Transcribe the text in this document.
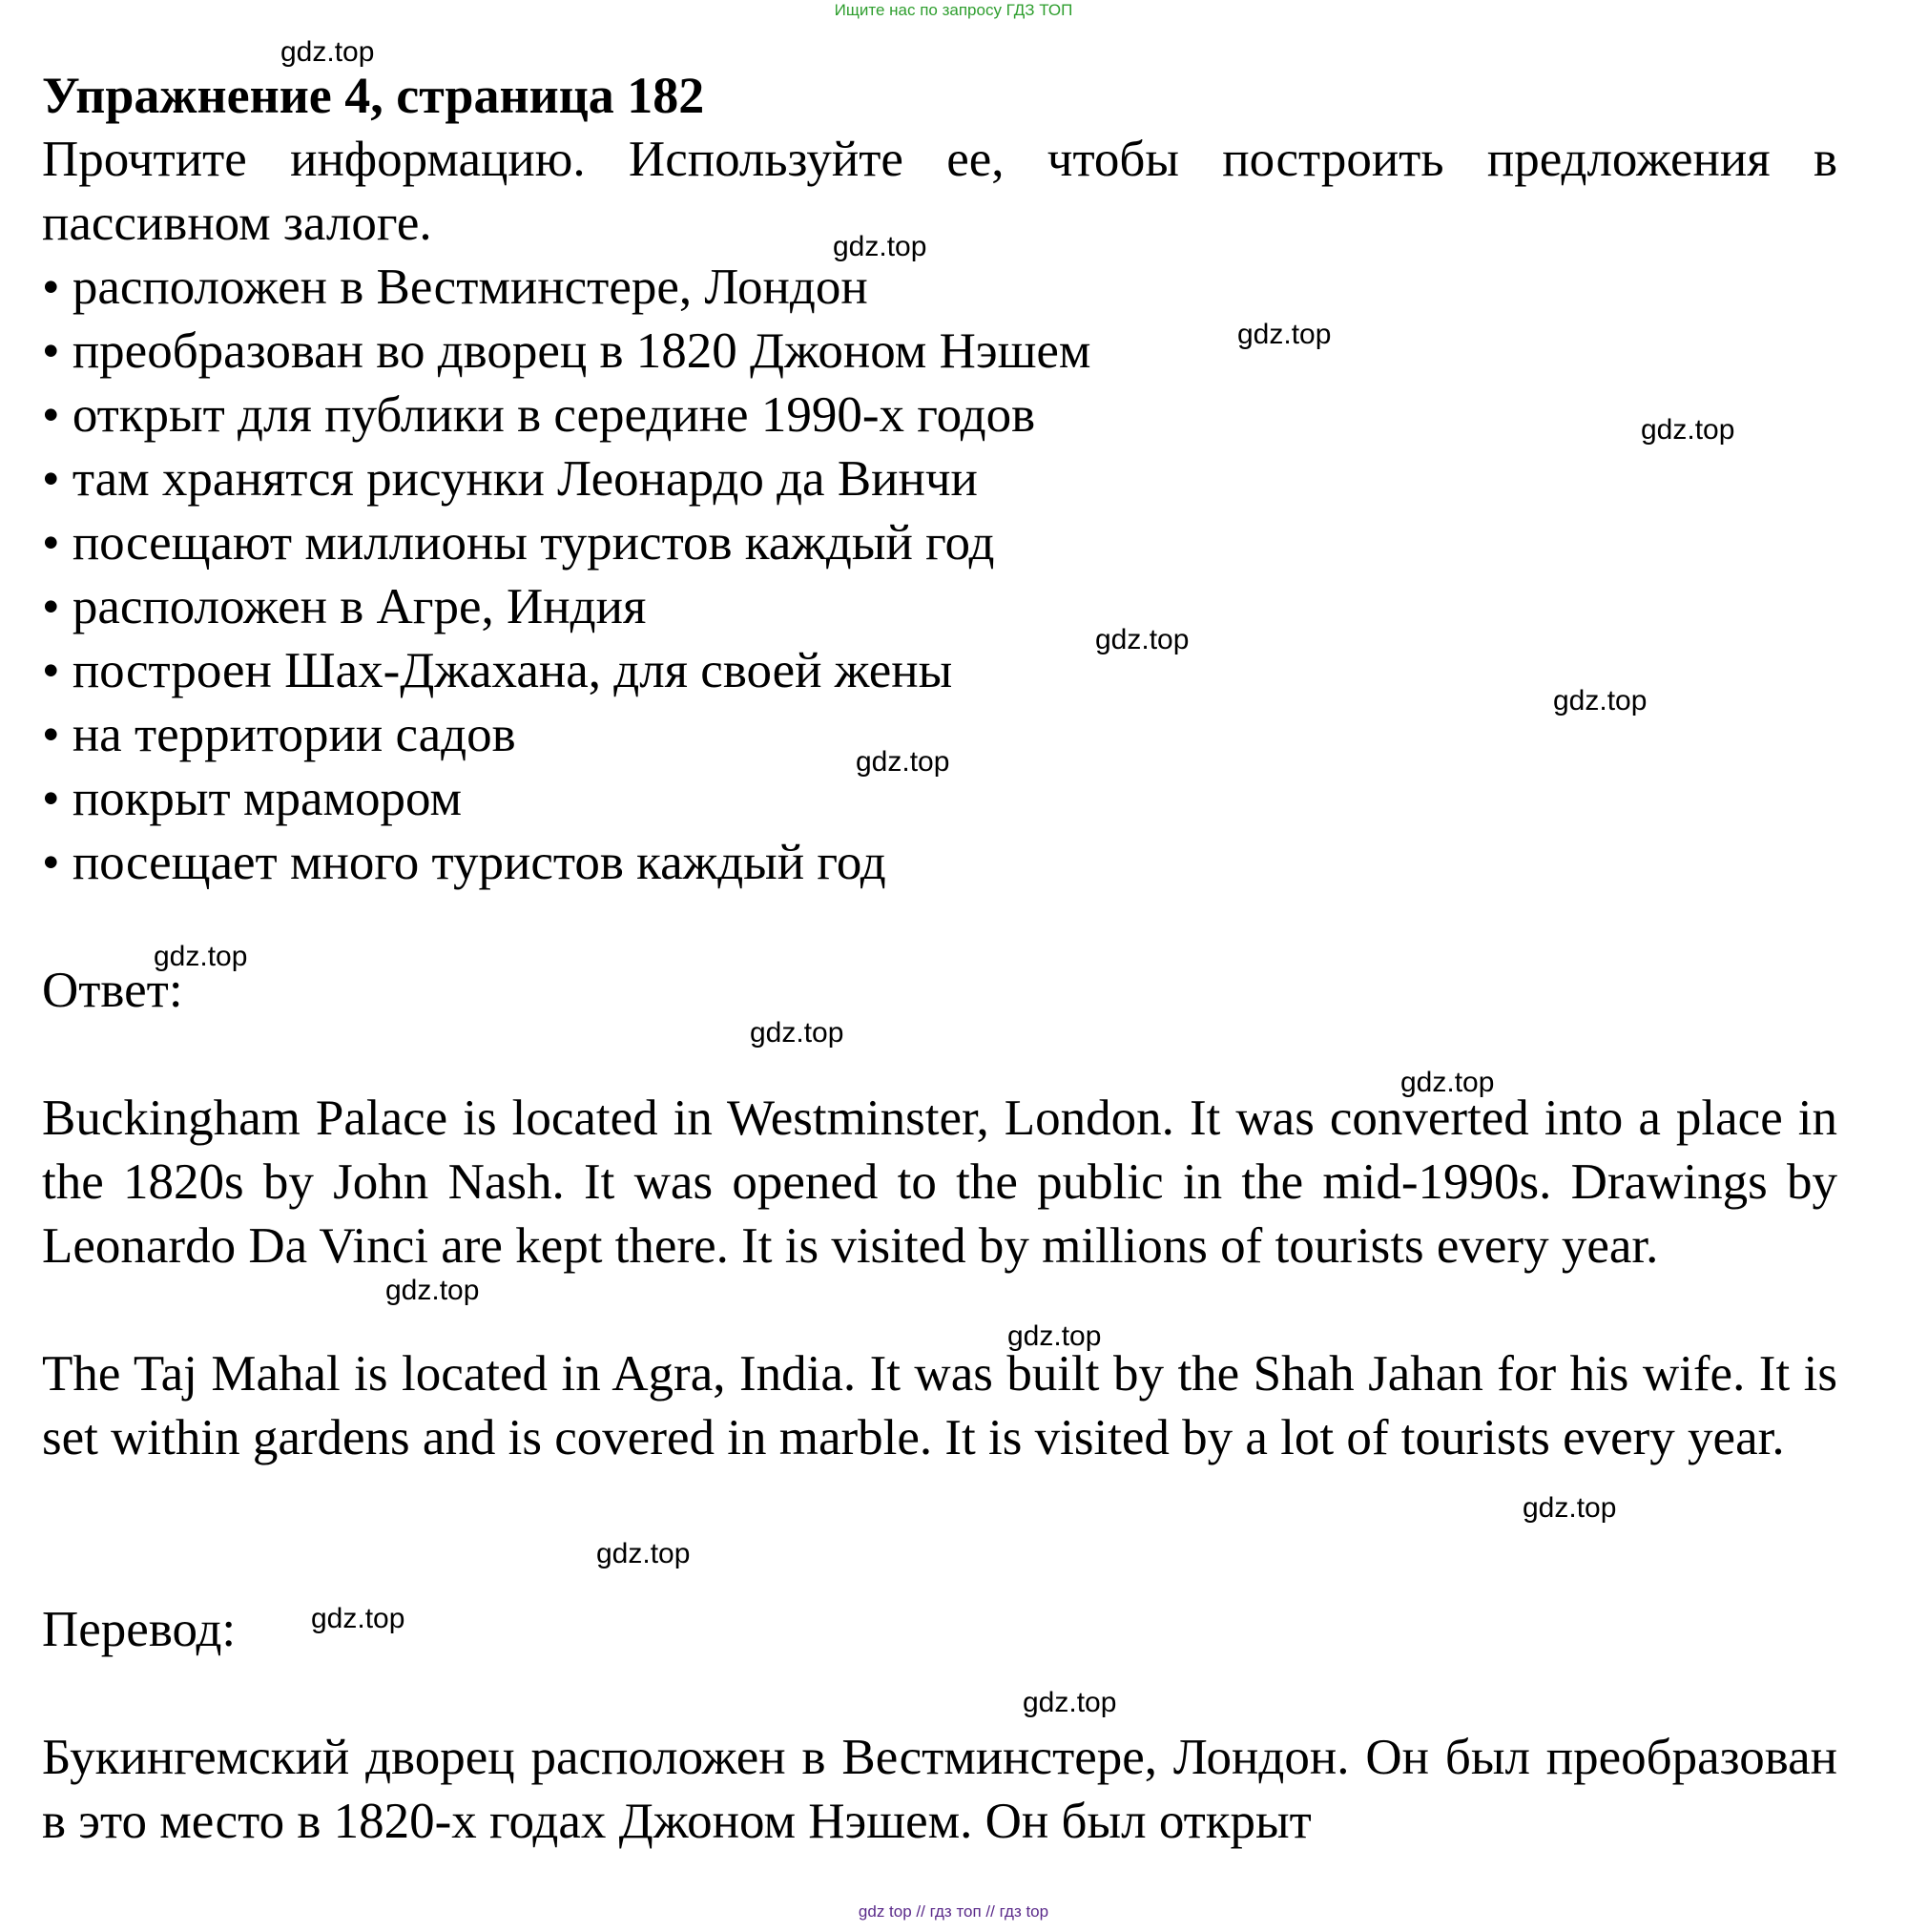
Ищите нас по запросу ГДЗ ТОП
Упражнение 4, страница 182
Прочтите информацию. Используйте ее, чтобы построить предложения в пассивном залоге.
• расположен в Вестминстере, Лондон
• преобразован во дворец в 1820 Джоном Нэшем
• открыт для публики в середине 1990-х годов
• там хранятся рисунки Леонардо да Винчи
• посещают миллионы туристов каждый год
• расположен в Агре, Индия
• построен Шах-Джахана, для своей жены
• на территории садов
• покрыт мрамором
• посещает много туристов каждый год
Ответ:
Buckingham Palace is located in Westminster, London. It was converted into a place in the 1820s by John Nash. It was opened to the public in the mid-1990s. Drawings by Leonardo Da Vinci are kept there. It is visited by millions of tourists every year.
The Taj Mahal is located in Agra, India. It was built by the Shah Jahan for his wife. It is set within gardens and is covered in marble. It is visited by a lot of tourists every year.
Перевод:
Букингемский дворец расположен в Вестминстере, Лондон. Он был преобразован в это место в 1820-х годах Джоном Нэшем. Он был открыт
gdz.top
gdz.top
gdz.top
gdz.top
gdz.top
gdz.top
gdz.top
gdz.top
gdz.top
gdz.top
gdz.top
gdz.top
gdz.top
gdz.top
gdz.top
gdz.top
gdz top // гдз топ // гдз top
